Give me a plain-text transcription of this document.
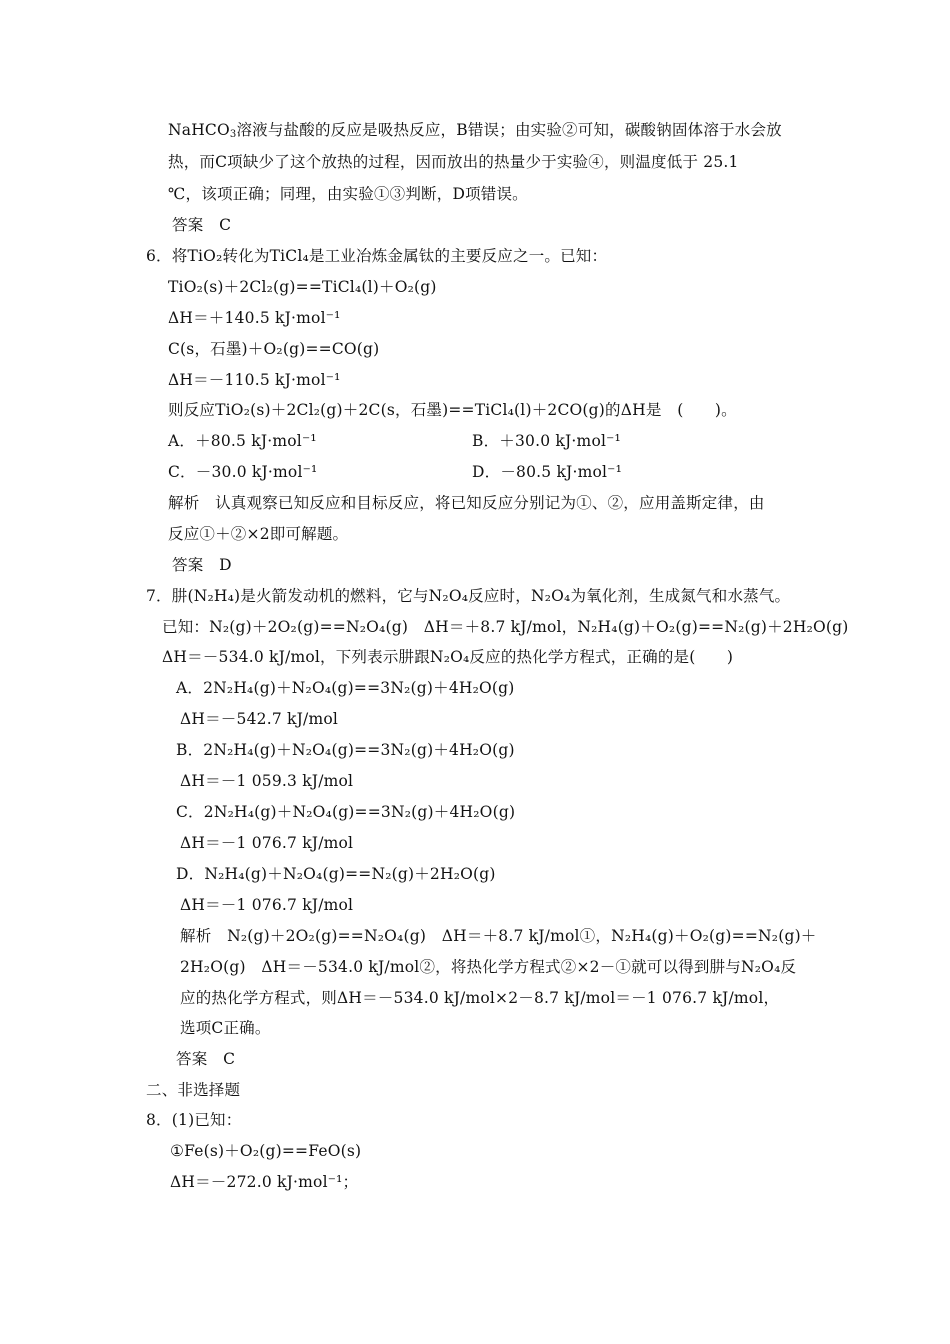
NaHCO$_3$溶液与盐酸的反应是吸热反应，B错误；由实验②可知，碳酸钠固体溶于水会放
热，而C项缺少了这个放热的过程，因而放出的热量少于实验④，则温度低于 25.1
℃，该项正确；同理，由实验①③判断，D项错误。
答案　C
6．将TiO₂转化为TiCl₄是工业冶炼金属钛的主要反应之一。已知：
TiO₂(s)＋2Cl₂(g)==TiCl₄(l)＋O₂(g)
ΔH＝＋140.5 kJ·mol⁻¹
C(s，石墨)＋O₂(g)==CO(g)
ΔH＝－110.5 kJ·mol⁻¹
则反应TiO₂(s)＋2Cl₂(g)＋2C(s，石墨)==TiCl₄(l)＋2CO(g)的ΔH是　(　　)。
A．＋80.5 kJ·mol⁻¹	B．＋30.0 kJ·mol⁻¹
C．－30.0 kJ·mol⁻¹	D．－80.5 kJ·mol⁻¹
解析　认真观察已知反应和目标反应，将已知反应分别记为①、②，应用盖斯定律，由
反应①＋②×2即可解题。
答案　D
7．肼(N₂H₄)是火箭发动机的燃料，它与N₂O₄反应时，N₂O₄为氧化剂，生成氮气和水蒸气。
已知：N₂(g)＋2O₂(g)==N₂O₄(g)　ΔH＝＋8.7 kJ/mol，N₂H₄(g)＋O₂(g)==N₂(g)＋2H₂O(g)
ΔH＝－534.0 kJ/mol，下列表示肼跟N₂O₄反应的热化学方程式，正确的是(　　)
A．2N₂H₄(g)＋N₂O₄(g)==3N₂(g)＋4H₂O(g)
ΔH＝－542.7 kJ/mol
B．2N₂H₄(g)＋N₂O₄(g)==3N₂(g)＋4H₂O(g)
ΔH＝－1 059.3 kJ/mol
C．2N₂H₄(g)＋N₂O₄(g)==3N₂(g)＋4H₂O(g)
ΔH＝－1 076.7 kJ/mol
D．N₂H₄(g)＋N₂O₄(g)==N₂(g)＋2H₂O(g)
ΔH＝－1 076.7 kJ/mol
解析　N₂(g)＋2O₂(g)==N₂O₄(g)　ΔH＝＋8.7 kJ/mol①，N₂H₄(g)＋O₂(g)==N₂(g)＋
2H₂O(g)　ΔH＝－534.0 kJ/mol②，将热化学方程式②×2－①就可以得到肼与N₂O₄反
应的热化学方程式，则ΔH＝－534.0 kJ/mol×2－8.7 kJ/mol＝－1 076.7 kJ/mol，
选项C正确。
答案　C
二、非选择题
8．(1)已知：
①Fe(s)＋O₂(g)==FeO(s)
ΔH＝－272.0 kJ·mol⁻¹；
